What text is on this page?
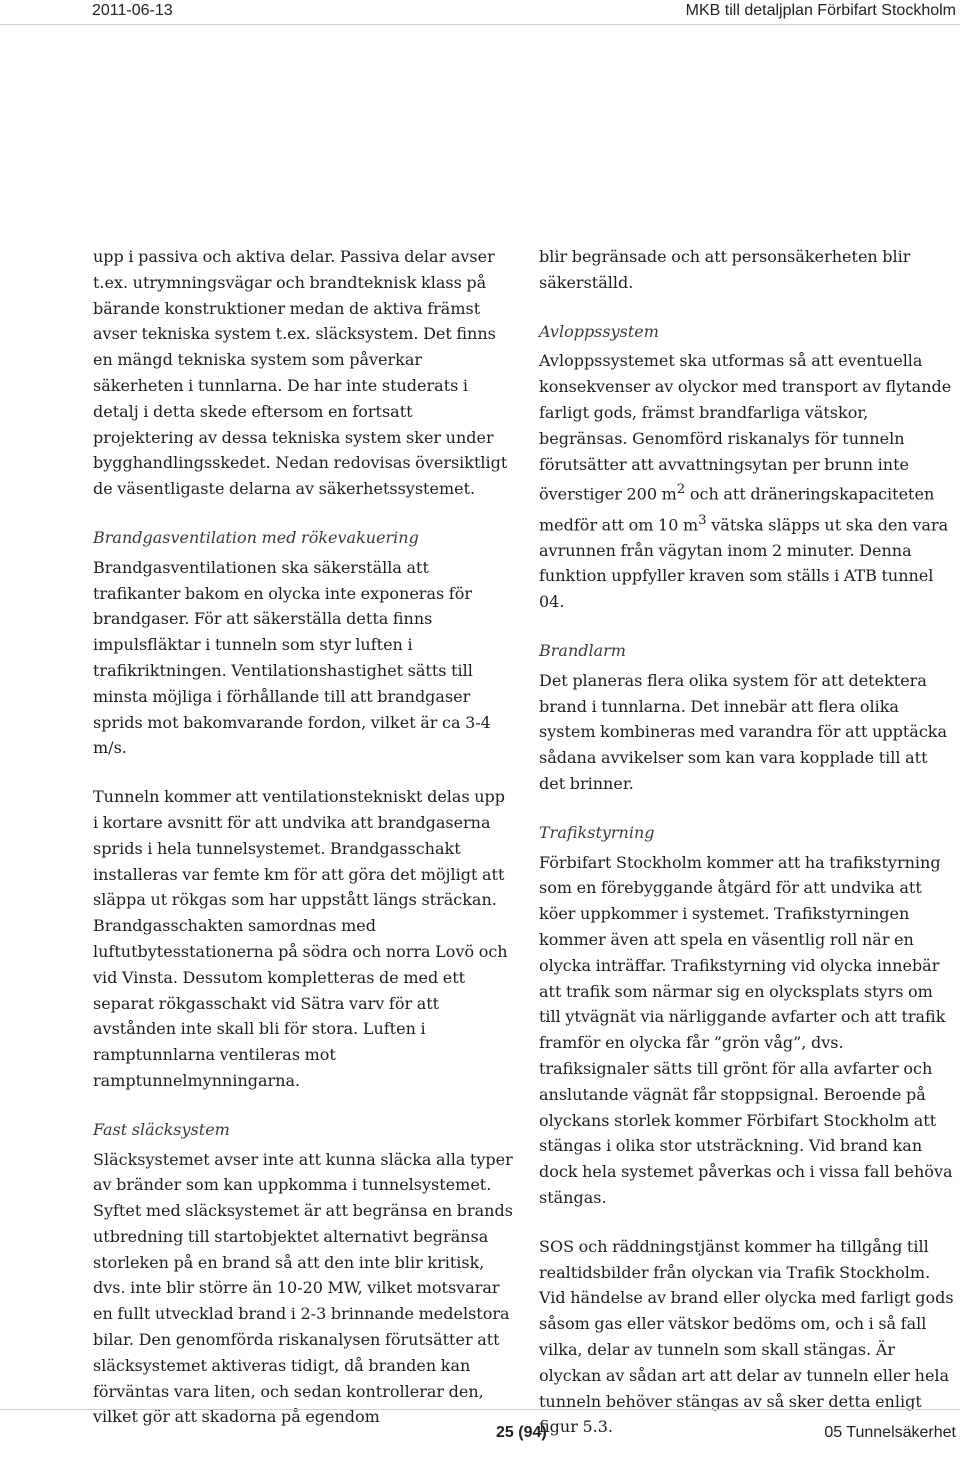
2011-06-13	MKB till detaljplan Förbifart Stockholm

upp i passiva och aktiva delar. Passiva delar avser t.ex. utrymningsvägar och brandteknisk klass på bärande konstruktioner medan de aktiva främst avser tekniska system t.ex. släcksystem. Det finns en mängd tekniska system som påverkar säkerheten i tunnlarna. De har inte studerats i detalj i detta skede eftersom en fortsatt projektering av dessa tekniska system sker under bygghandlingsskedet. Nedan redovisas översiktligt de väsentligaste delarna av säkerhetssystemet.

Brandgasventilation med rökevakuering

Brandgasventilationen ska säkerställa att trafikanter bakom en olycka inte exponeras för brandgaser. För att säkerställa detta finns impulsfläktar i tunneln som styr luften i trafikriktningen. Ventilationshastighet sätts till minsta möjliga i förhållande till att brandgaser sprids mot bakomvarande fordon, vilket är ca 3-4 m/s.

Tunneln kommer att ventilationstekniskt delas upp i kortare avsnitt för att undvika att brandgaserna sprids i hela tunnelsystemet. Brandgasschakt installeras var femte km för att göra det möjligt att släppa ut rökgas som har uppstått längs sträckan. Brandgasschakten samordnas med luftutbytesstationerna på södra och norra Lovö och vid Vinsta. Dessutom kompletteras de med ett separat rökgasschakt vid Sätra varv för att avstånden inte skall bli för stora. Luften i ramptunnlarna ventileras mot ramptunnelmynningarna.

Fast släcksystem

Släcksystemet avser inte att kunna släcka alla typer av bränder som kan uppkomma i tunnelsystemet. Syftet med släcksystemet är att begränsa en brands utbredning till startobjektet alternativt begränsa storleken på en brand så att den inte blir kritisk, dvs. inte blir större än 10-20 MW, vilket motsvarar en fullt utvecklad brand i 2-3 brinnande medelstora bilar. Den genomförda riskanalysen förutsätter att släcksystemet aktiveras tidigt, då branden kan förväntas vara liten, och sedan kontrollerar den, vilket gör att skadorna på egendom

blir begränsade och att personsäkerheten blir säkerställd.

Avloppssystem

Avloppssystemet ska utformas så att eventuella konsekvenser av olyckor med transport av flytande farligt gods, främst brandfarliga vätskor, begränsas. Genomförd riskanalys för tunneln förutsätter att avvattningsytan per brunn inte överstiger 200 $m^2$ och att dräneringskapaciteten medför att om 10 $m^3$ vätska släpps ut ska den vara avrunnen från vägytan inom 2 minuter. Denna funktion uppfyller kraven som ställs i ATB tunnel 04.

Brandlarm

Det planeras flera olika system för att detektera brand i tunnlarna. Det innebär att flera olika system kombineras med varandra för att upptäcka sådana avvikelser som kan vara kopplade till att det brinner.

Trafikstyrning

Förbifart Stockholm kommer att ha trafikstyrning som en förebyggande åtgärd för att undvika att köer uppkommer i systemet. Trafikstyrningen kommer även att spela en väsentlig roll när en olycka inträffar. Trafikstyrning vid olycka innebär att trafik som närmar sig en olycksplats styrs om till ytvägnät via närliggande avfarter och att trafik framför en olycka får ”grön våg”, dvs. trafiksignaler sätts till grönt för alla avfarter och anslutande vägnät får stoppsignal. Beroende på olyckans storlek kommer Förbifart Stockholm att stängas i olika stor utsträckning. Vid brand kan dock hela systemet påverkas och i vissa fall behöva stängas.

SOS och räddningstjänst kommer ha tillgång till realtidsbilder från olyckan via Trafik Stockholm. Vid händelse av brand eller olycka med farligt gods såsom gas eller vätskor bedöms om, och i så fall vilka, delar av tunneln som skall stängas. Är olyckan av sådan art att delar av tunneln eller hela tunneln behöver stängas av så sker detta enligt figur 5.3.

25 (94)	05 Tunnelsäkerhet
